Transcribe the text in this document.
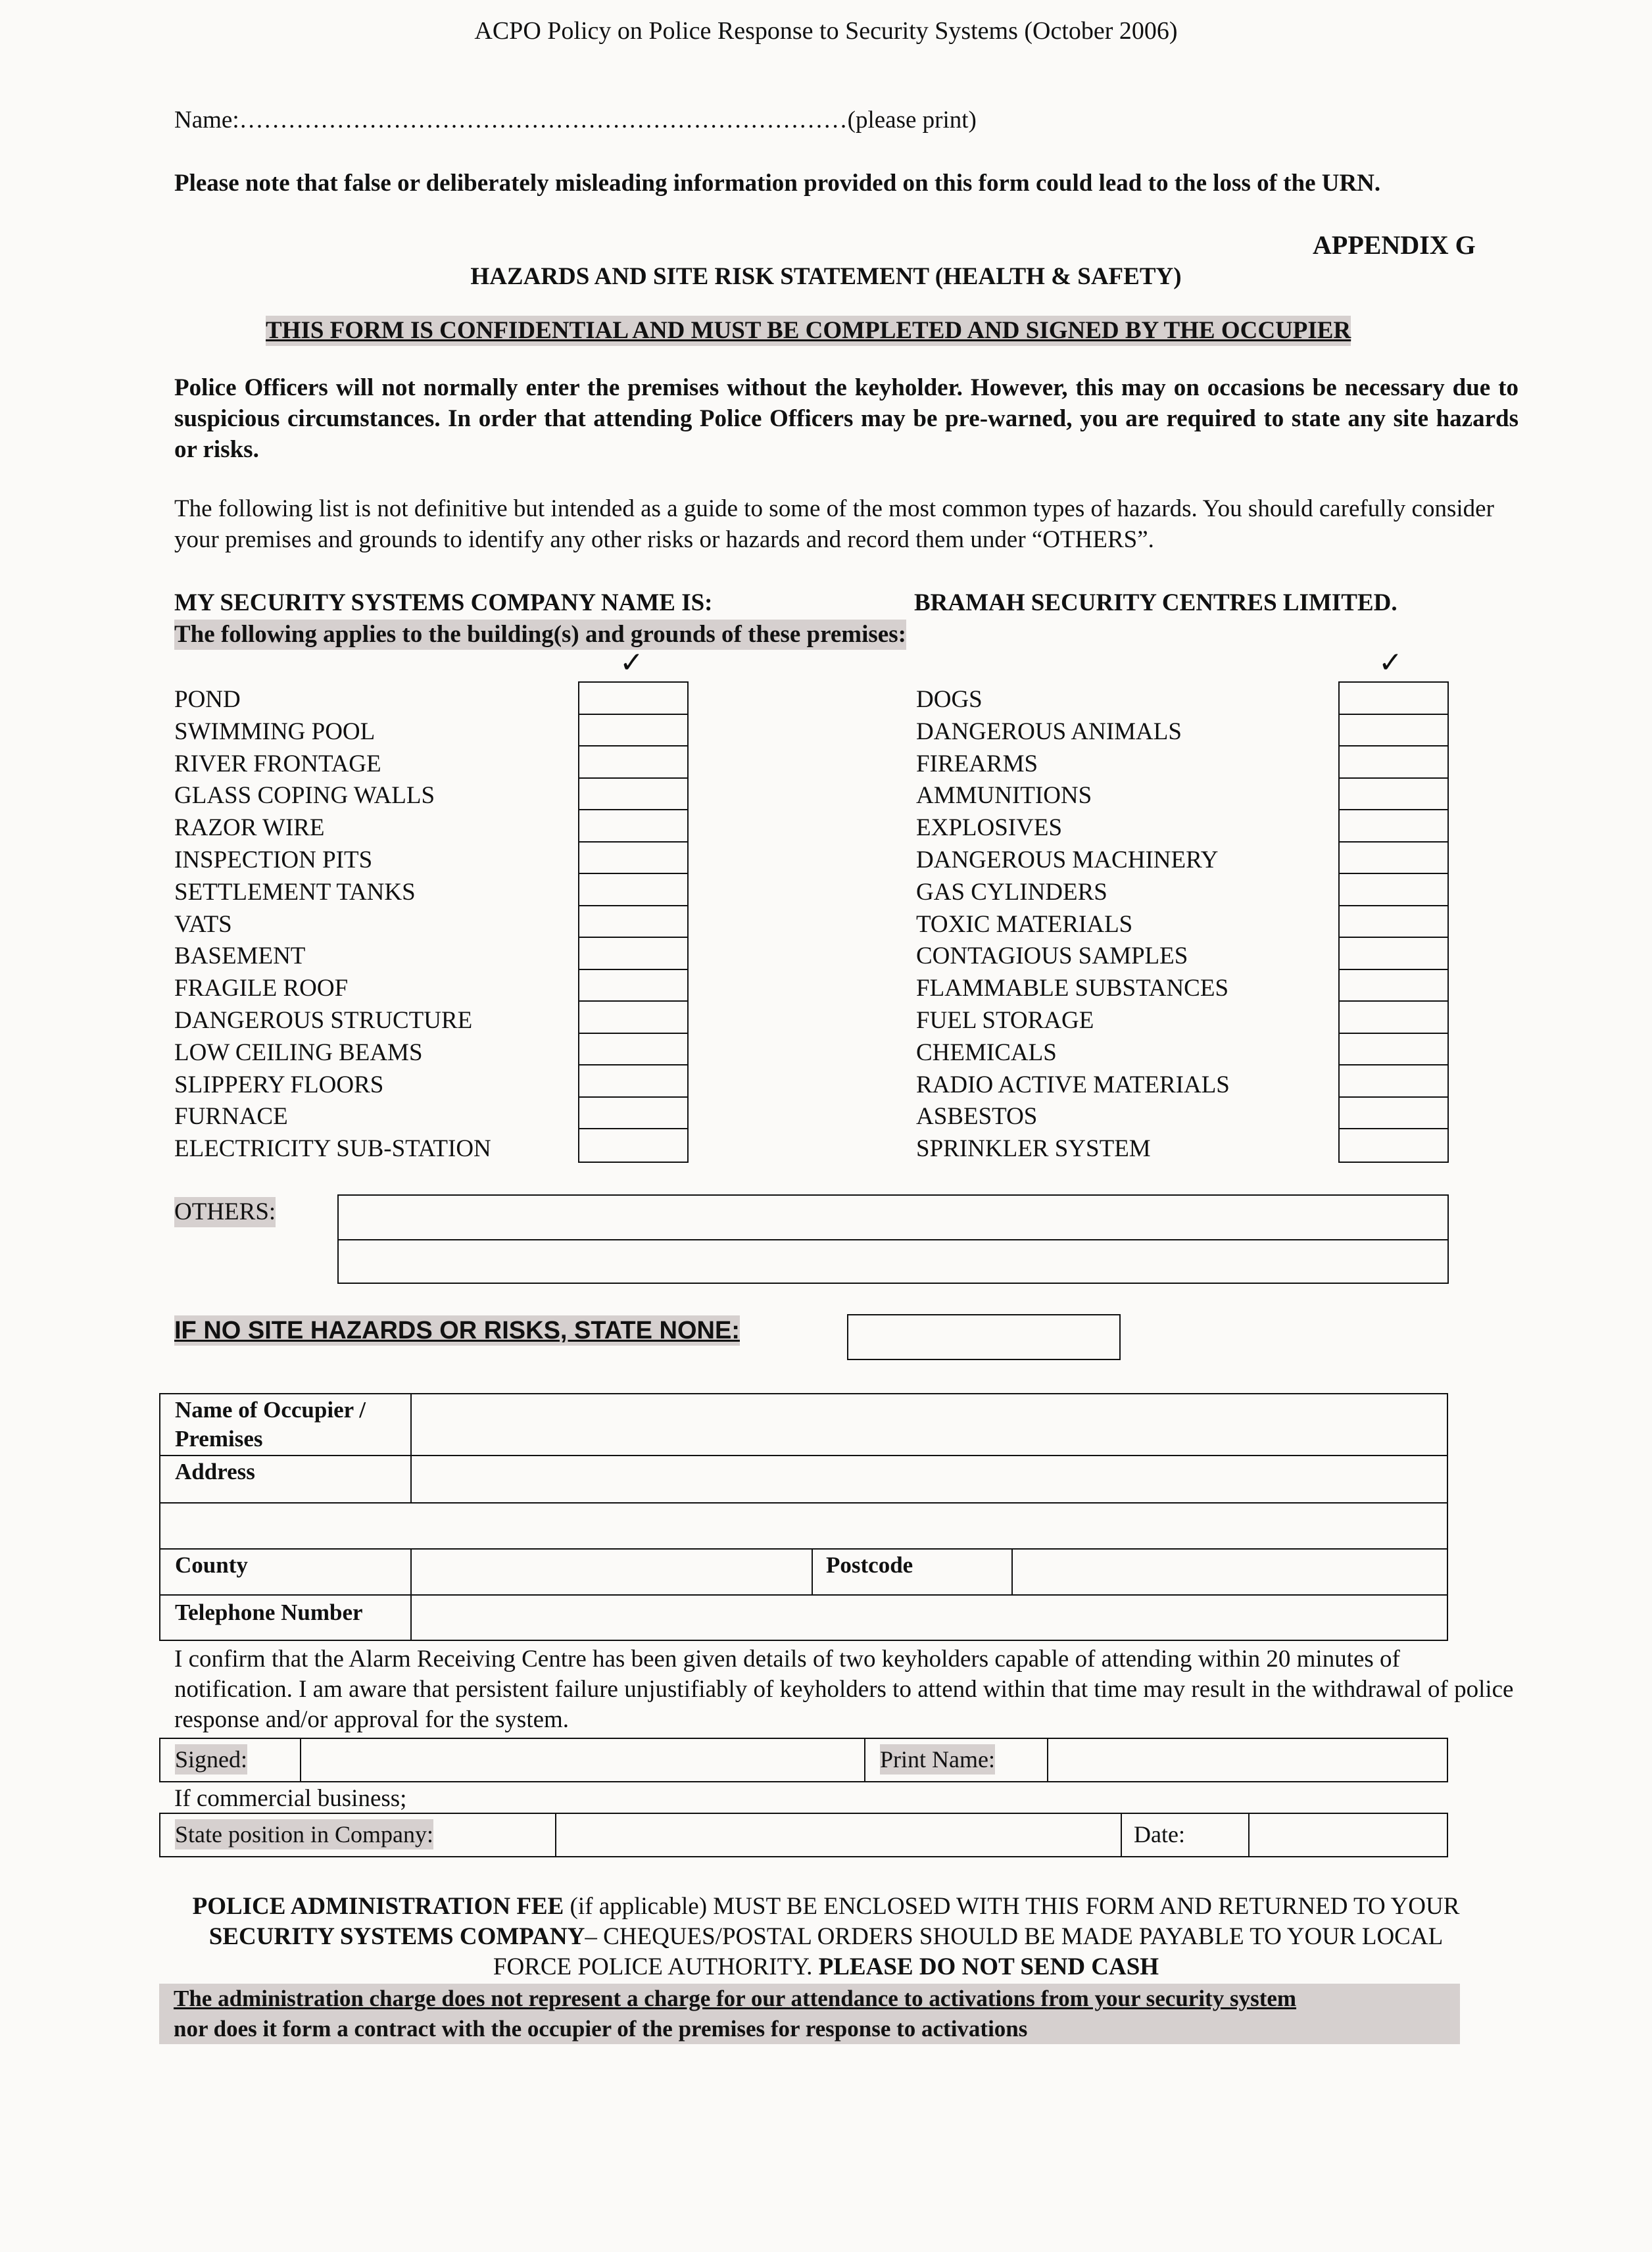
ACPO Policy on Police Response to Security Systems (October 2006)
Name:…………………………………………………………………(please print)
Please note that false or deliberately misleading information provided on this form could lead to the loss of the URN.
APPENDIX G
HAZARDS AND SITE RISK STATEMENT (HEALTH & SAFETY)
THIS FORM IS CONFIDENTIAL AND MUST BE COMPLETED AND SIGNED BY THE OCCUPIER
Police Officers will not normally enter the premises without the keyholder. However, this may on occasions be necessary due to suspicious circumstances. In order that attending Police Officers may be pre-warned, you are required to state any site hazards or risks.
The following list is not definitive but intended as a guide to some of the most common types of hazards. You should carefully consider your premises and grounds to identify any other risks or hazards and record them under “OTHERS”.
MY SECURITY SYSTEMS COMPANY NAME IS:	BRAMAH SECURITY CENTRES LIMITED.
The following applies to the building(s) and grounds of these premises:
✓	✓
POND
SWIMMING POOL
RIVER FRONTAGE
GLASS COPING WALLS
RAZOR WIRE
INSPECTION PITS
SETTLEMENT TANKS
VATS
BASEMENT
FRAGILE ROOF
DANGEROUS STRUCTURE
LOW CEILING BEAMS
SLIPPERY FLOORS
FURNACE
ELECTRICITY SUB-STATION
DOGS
DANGEROUS ANIMALS
FIREARMS
AMMUNITIONS
EXPLOSIVES
DANGEROUS MACHINERY
GAS CYLINDERS
TOXIC MATERIALS
CONTAGIOUS SAMPLES
FLAMMABLE SUBSTANCES
FUEL STORAGE
CHEMICALS
RADIO ACTIVE MATERIALS
ASBESTOS
SPRINKLER SYSTEM
OTHERS:
IF NO SITE HAZARDS OR RISKS, STATE NONE:
Name of Occupier /
Premises
Address
County	Postcode
Telephone Number
I confirm that the Alarm Receiving Centre has been given details of two keyholders capable of attending within 20 minutes of notification. I am aware that persistent failure unjustifiably of keyholders to attend within that time may result in the withdrawal of police response and/or approval for the system.
Signed:	Print Name:
If commercial business;
State position in Company:	Date:
POLICE ADMINISTRATION FEE (if applicable) MUST BE ENCLOSED WITH THIS FORM AND RETURNED TO YOUR SECURITY SYSTEMS COMPANY– CHEQUES/POSTAL ORDERS SHOULD BE MADE PAYABLE TO YOUR LOCAL FORCE POLICE AUTHORITY. PLEASE DO NOT SEND CASH
The administration charge does not represent a charge for our attendance to activations from your security system
nor does it form a contract with the occupier of the premises for response to activations
